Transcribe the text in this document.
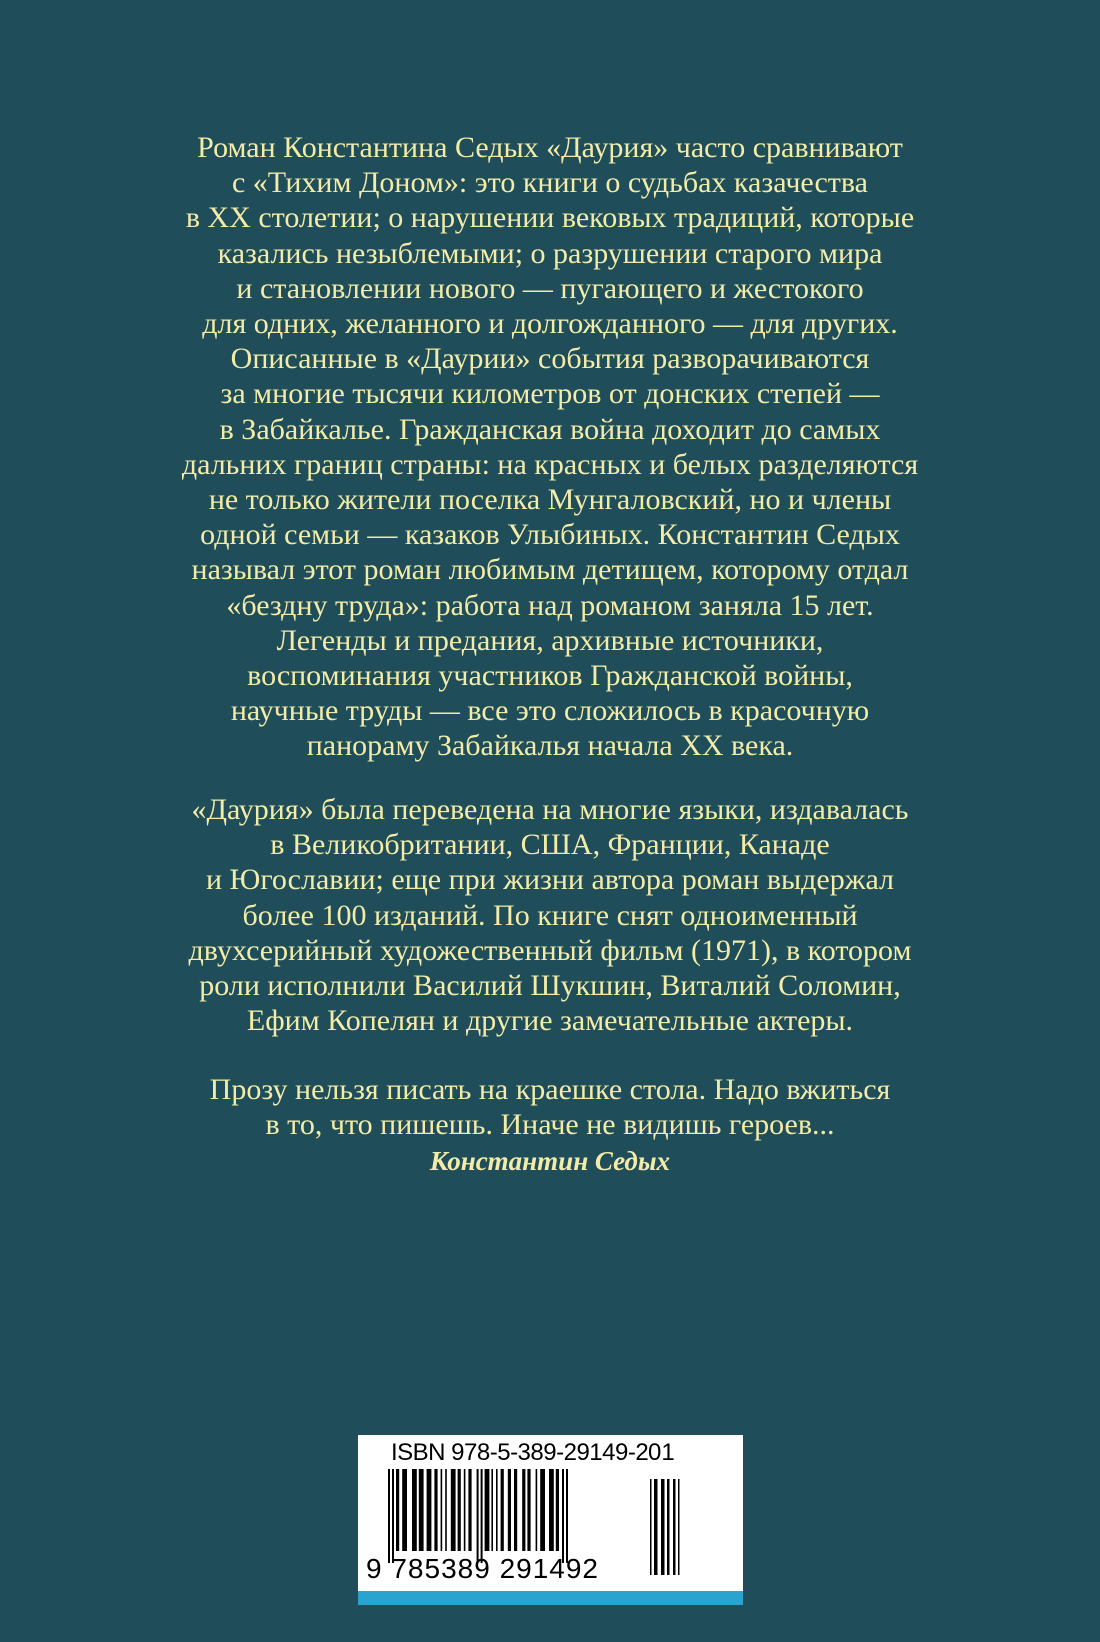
Роман Константина Седых «Даурия» часто сравнивают
с «Тихим Доном»: это книги о судьбах казачества
в XX столетии; о нарушении вековых традиций, которые
казались незыблемыми; о разрушении старого мира
и становлении нового — пугающего и жестокого
для одних, желанного и долгожданного — для других.
Описанные в «Даурии» события разворачиваются
за многие тысячи километров от донских степей —
в Забайкалье. Гражданская война доходит до самых
дальних границ страны: на красных и белых разделяются
не только жители поселка Мунгаловский, но и члены
одной семьи — казаков Улыбиных. Константин Седых
называл этот роман любимым детищем, которому отдал
«бездну труда»: работа над романом заняла 15 лет.
Легенды и предания, архивные источники,
воспоминания участников Гражданской войны,
научные труды — все это сложилось в красочную
панораму Забайкалья начала XX века.
«Даурия» была переведена на многие языки, издавалась
в Великобритании, США, Франции, Канаде
и Югославии; еще при жизни автора роман выдержал
более 100 изданий. По книге снят одноименный
двухсерийный художественный фильм (1971), в котором
роли исполнили Василий Шукшин, Виталий Соломин,
Ефим Копелян и другие замечательные актеры.
Прозу нельзя писать на краешке стола. Надо вжиться
в то, что пишешь. Иначе не видишь героев...
Константин Седых
ISBN 978-5-389-29149-2 01
9 785389 291492
